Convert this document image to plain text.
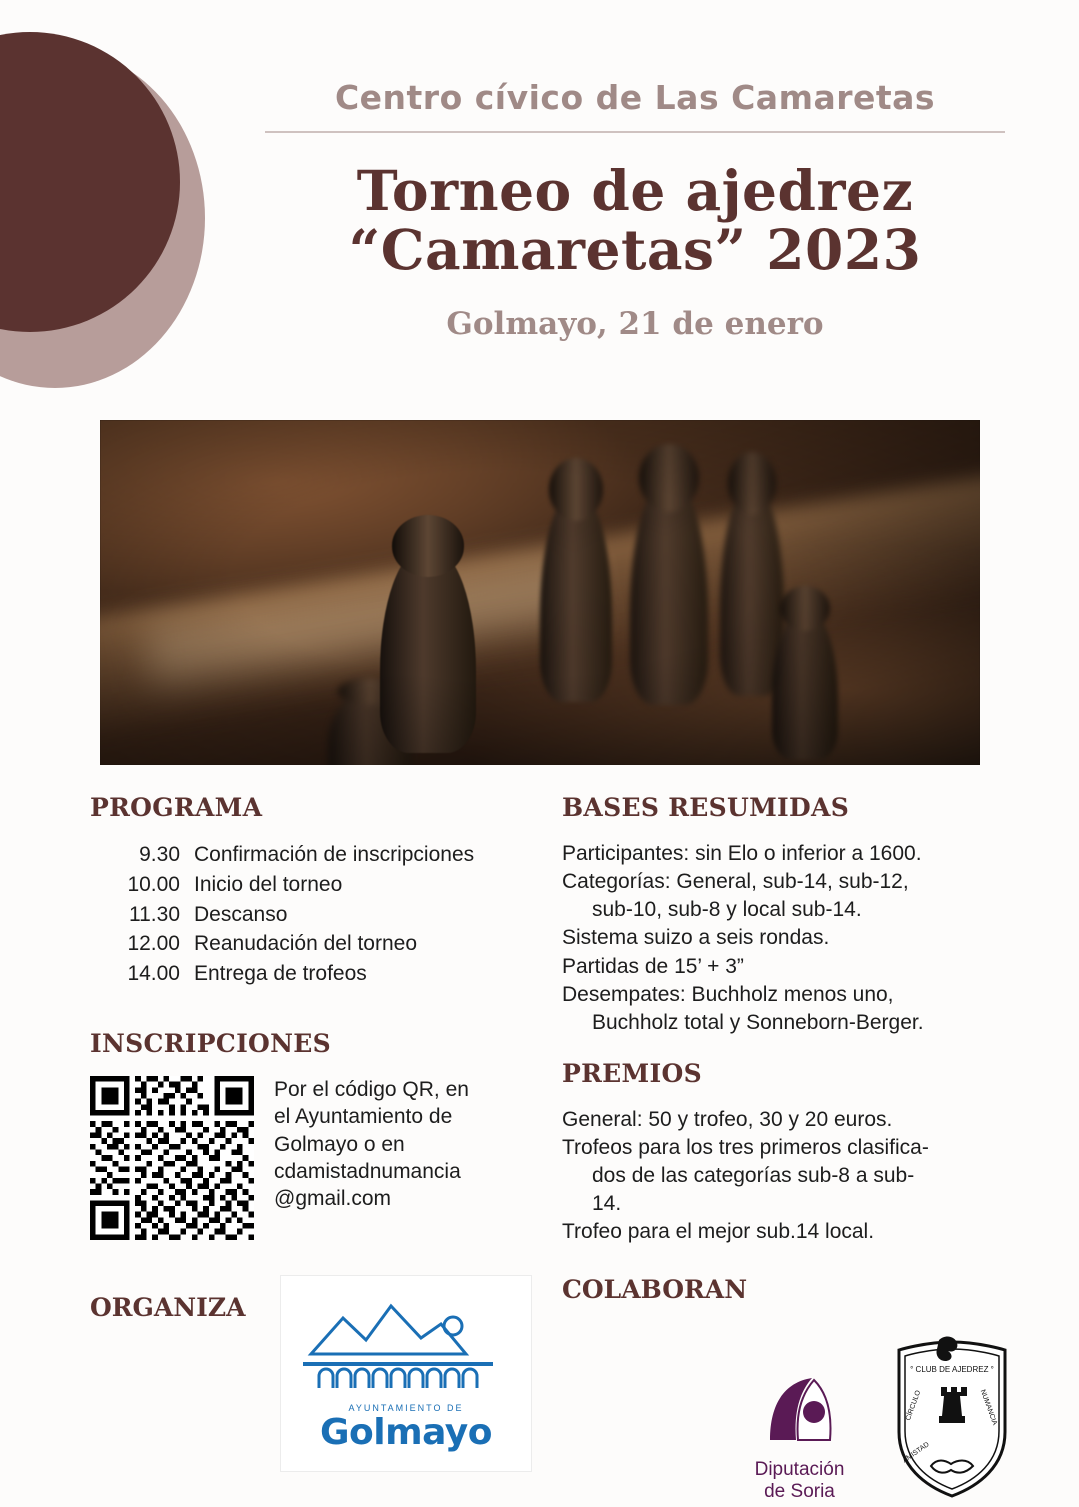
Centro cívico de Las Camaretas
Torneo de ajedrez
“Camaretas” 2023
Golmayo, 21 de enero
PROGRAMA
9.30 Confirmación de inscripciones
10.00 Inicio del torneo
11.30 Descanso
12.00 Reanudación del torneo
14.00 Entrega de trofeos
INSCRIPCIONES
Por el código QR, en
el Ayuntamiento de
Golmayo o en
cdamistadnumancia
@gmail.com
BASES RESUMIDAS
Participantes: sin Elo o inferior a 1600.
Categorías: General, sub-14, sub-12,
sub-10, sub-8 y local sub-14.
Sistema suizo a seis rondas.
Partidas de 15’ + 3”
Desempates: Buchholz menos uno,
Buchholz total y Sonneborn-Berger.
PREMIOS
General: 50 y trofeo, 30 y 20 euros.
Trofeos para los tres primeros clasifica-
dos de las categorías sub-8 a sub-
14.
Trofeo para el mejor sub.14 local.
ORGANIZA
AYUNTAMIENTO DE
Golmayo
COLABORAN
Diputación
de Soria
° CLUB DE AJEDREZ °
CÍRCULO
AMISTAD
NUMANCIA
